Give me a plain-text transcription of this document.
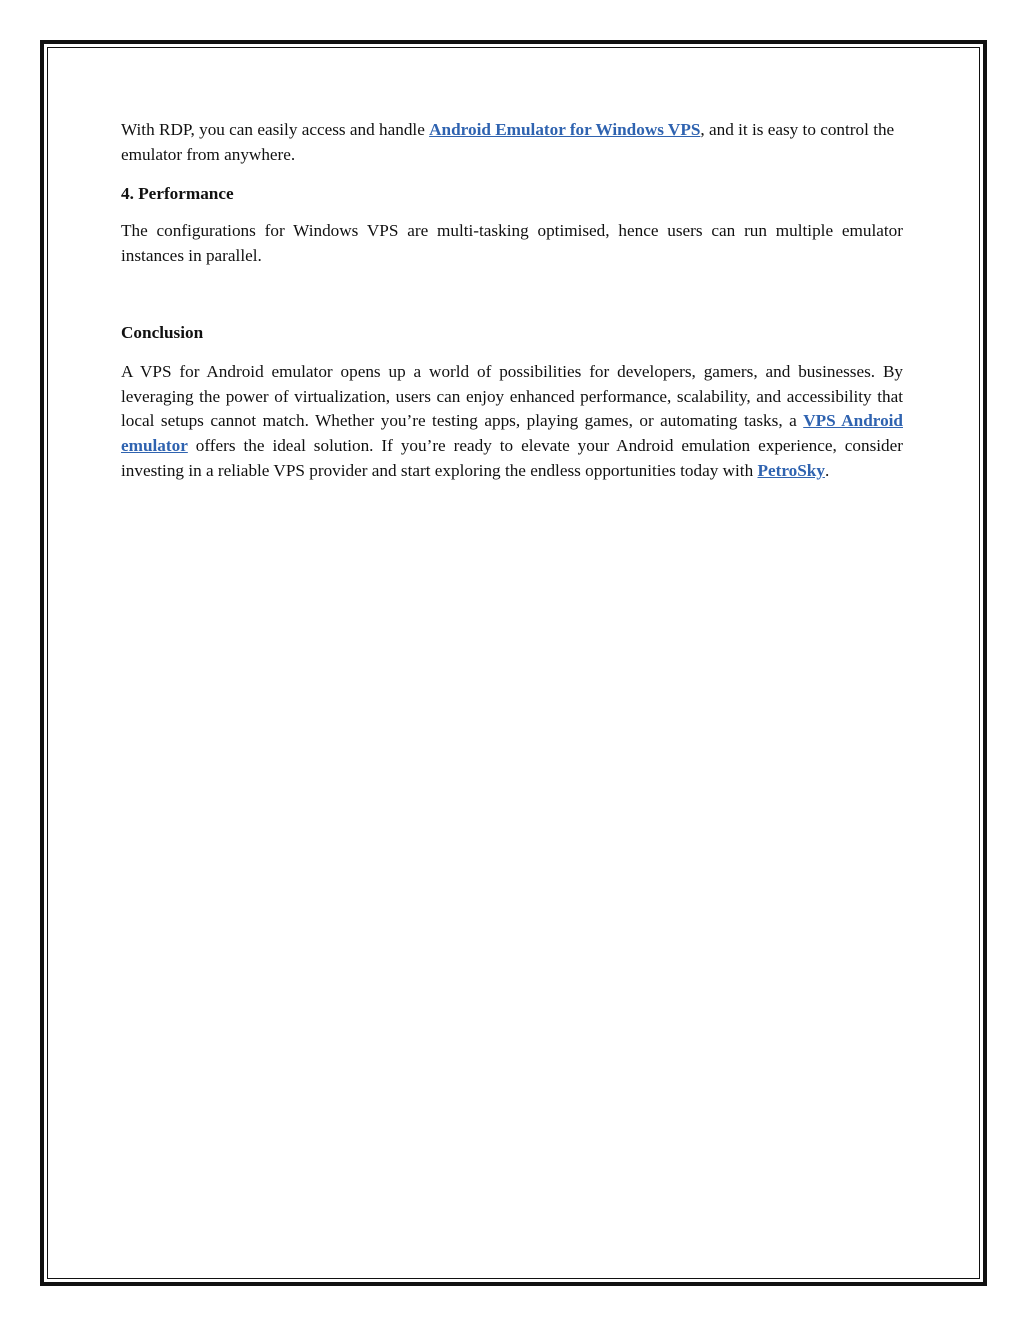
With RDP, you can easily access and handle Android Emulator for Windows VPS, and it is easy to control the emulator from anywhere.

4. Performance

The configurations for Windows VPS are multi-tasking optimised, hence users can run multiple emulator instances in parallel.

Conclusion

A VPS for Android emulator opens up a world of possibilities for developers, gamers, and businesses. By leveraging the power of virtualization, users can enjoy enhanced performance, scalability, and accessibility that local setups cannot match. Whether you’re testing apps, playing games, or automating tasks, a VPS Android emulator offers the ideal solution. If you’re ready to elevate your Android emulation experience, consider investing in a reliable VPS provider and start exploring the endless opportunities today with PetroSky.
